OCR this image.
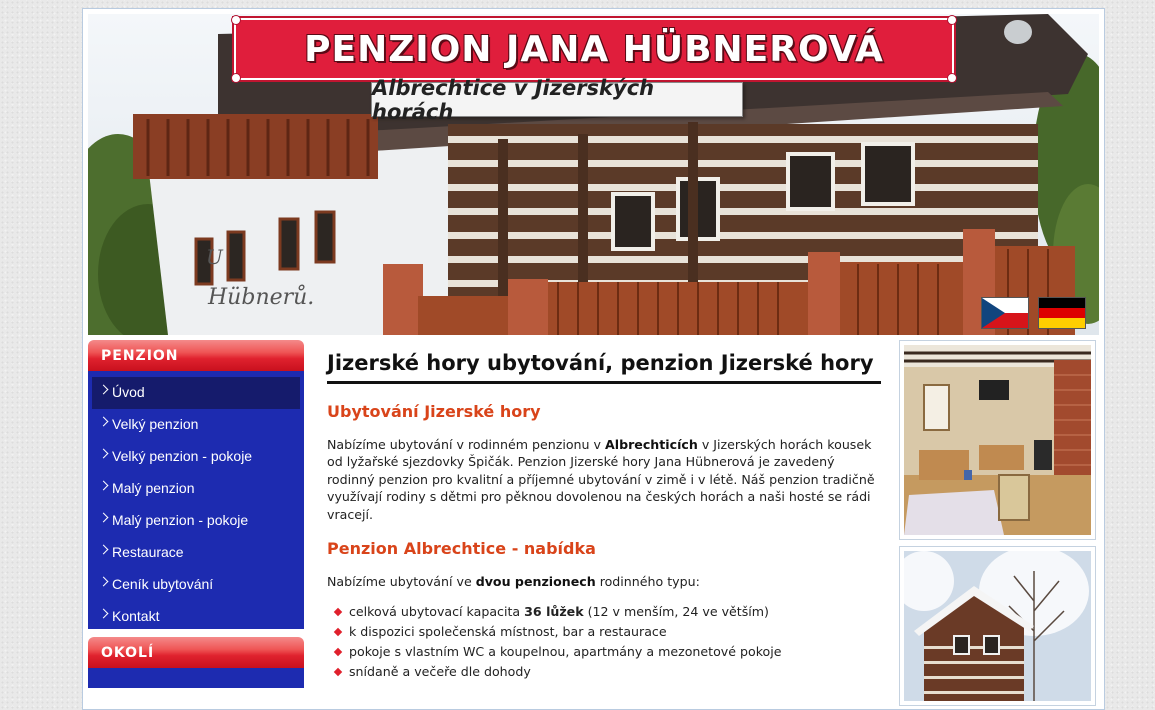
U
Hübnerů.
PENZION JANA HÜBNEROVÁ
Albrechtice v Jizerských horách
PENZION
Úvod
Velký penzion
Velký penzion - pokoje
Malý penzion
Malý penzion - pokoje
Restaurace
Ceník ubytování
Kontakt
OKOLÍ
Jizerské hory ubytování, penzion Jizerské hory
Ubytování Jizerské hory

Nabízíme ubytování v rodinném penzionu v Albrechticích v Jizerských horách kousek od lyžařské sjezdovky Špičák. Penzion Jizerské hory Jana Hübnerová je zavedený rodinný penzion pro kvalitní a příjemné ubytování v zimě i v létě. Náš penzion tradičně využívají rodiny s dětmi pro pěknou dovolenou na českých horách a naši hosté se rádi vracejí.

Penzion Albrechtice - nabídka

Nabízíme ubytování ve dvou penzionech rodinného typu:

celková ubytovací kapacita 36 lůžek (12 v menším, 24 ve větším)
k dispozici společenská místnost, bar a restaurace
pokoje s vlastním WC a koupelnou, apartmány a mezonetové pokoje
snídaně a večeře dle dohody
